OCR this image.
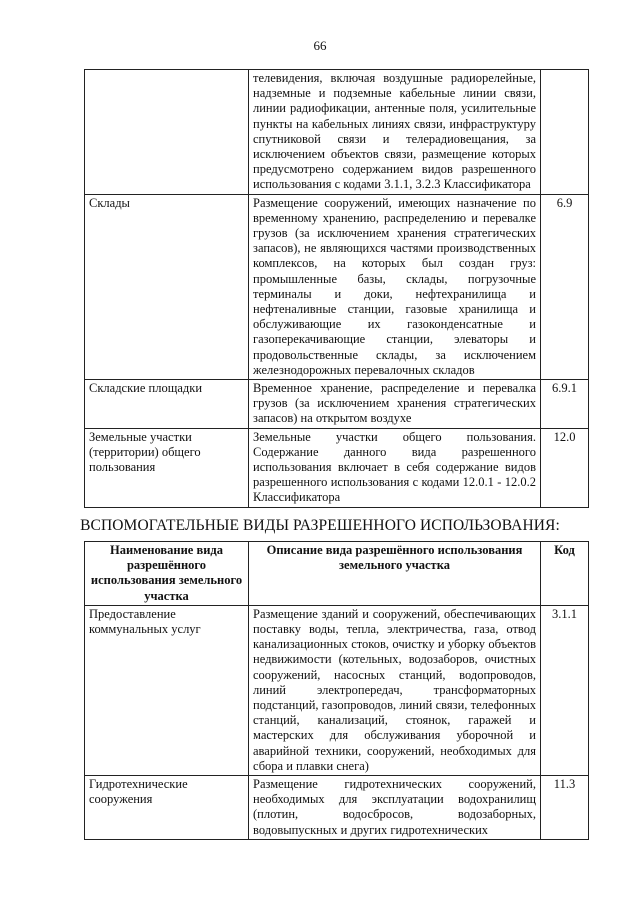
66
	телевидения, включая воздушные радиорелейные, надземные и подземные кабельные линии связи, линии радиофикации, антенные поля, усилительные пункты на кабельных линиях связи, инфраструктуру спутниковой связи и телерадиовещания, за исключением объектов связи, размещение которых предусмотрено содержанием видов разрешенного использования с кодами 3.1.1, 3.2.3 Классификатора	
Склады	Размещение сооружений, имеющих назначение по временному хранению, распределению и перевалке грузов (за исключением хранения стратегических запасов), не являющихся частями производственных комплексов, на которых был создан груз: промышленные базы, склады, погрузочные терминалы и доки, нефтехранилища и нефтеналивные станции, газовые хранилища и обслуживающие их газоконденсатные и газоперекачивающие станции, элеваторы и продовольственные склады, за исключением железнодорожных перевалочных складов	6.9
Складские площадки	Временное хранение, распределение и перевалка грузов (за исключением хранения стратегических запасов) на открытом воздухе	6.9.1
Земельные участки (территории) общего пользования	Земельные участки общего пользования. Содержание данного вида разрешенного использования включает в себя содержание видов разрешенного использования с кодами 12.0.1 - 12.0.2 Классификатора	12.0
ВСПОМОГАТЕЛЬНЫЕ ВИДЫ РАЗРЕШЕННОГО ИСПОЛЬЗОВАНИЯ:
Наименование вида разрешённого использования земельного участка	Описание вида разрешённого использования земельного участка	Код
Предоставление коммунальных услуг	Размещение зданий и сооружений, обеспечивающих поставку воды, тепла, электричества, газа, отвод канализационных стоков, очистку и уборку объектов недвижимости (котельных, водозаборов, очистных сооружений, насосных станций, водопроводов, линий электропередач, трансформаторных подстанций, газопроводов, линий связи, телефонных станций, канализаций, стоянок, гаражей и мастерских для обслуживания уборочной и аварийной техники, сооружений, необходимых для сбора и плавки снега)	3.1.1
Гидротехнические сооружения	Размещение гидротехнических сооружений, необходимых для эксплуатации водохранилищ (плотин, водосбросов, водозаборных, водовыпускных и других гидротехнических	11.3
